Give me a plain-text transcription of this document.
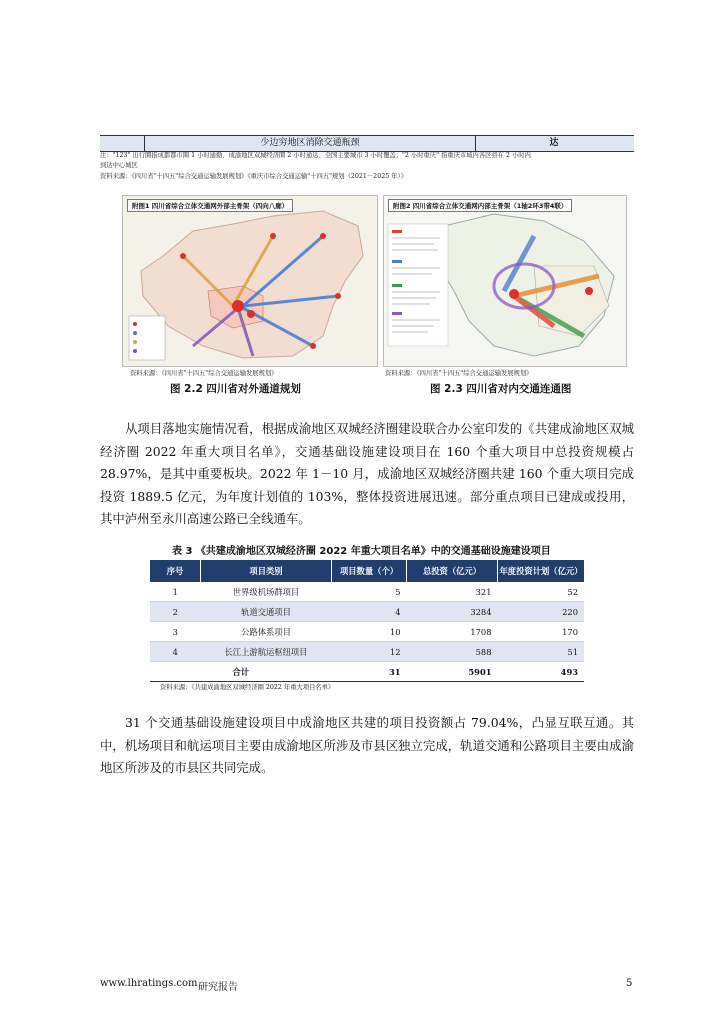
少边穷地区消除交通瓶颈	达
注："123" 出行圈指成都都市圈 1 小时通勤、成渝地区双城经济圈 2 小时通达、全国主要城市 3 小时覆盖；"2 小时重庆" 指重庆市域内各区县在 2 小时内
到达中心城区
资料来源：《四川省"十四五"综合交通运输发展规划》《重庆市综合交通运输"十四五"规划（2021－2025 年）》
附图1 四川省综合立体交通网外部主骨架（四向八廊）	附图2 四川省综合立体交通网内部主骨架（1轴2环3带4联）
资料来源：《四川省"十四五"综合交通运输发展规划》	资料来源：《四川省"十四五"综合交通运输发展规划》
图 2.2 四川省对外通道规划	图 2.3 四川省对内交通连通图
从项目落地实施情况看，根据成渝地区双城经济圈建设联合办公室印发的《共建成渝地区双城经济圈 2022 年重大项目名单》，交通基础设施建设项目在 160 个重大项目中总投资规模占 28.97%，是其中重要板块。2022 年 1－10 月，成渝地区双城经济圈共建 160 个重大项目完成投资 1889.5 亿元，为年度计划值的 103%，整体投资进展迅速。部分重点项目已建成或投用，其中泸州至永川高速公路已全线通车。
表 3 《共建成渝地区双城经济圈 2022 年重大项目名单》中的交通基础设施建设项目
序号	项目类别	项目数量（个）	总投资（亿元）	年度投资计划（亿元）
1	世界级机场群项目	5	321	52
2	轨道交通项目	4	3284	220
3	公路体系项目	10	1708	170
4	长江上游航运枢纽项目	12	588	51
合计		31	5901	493
资料来源：《共建成渝地区双城经济圈 2022 年重大项目名单》
31 个交通基础设施建设项目中成渝地区共建的项目投资额占 79.04%，凸显互联互通。其中，机场项目和航运项目主要由成渝地区所涉及市县区独立完成，轨道交通和公路项目主要由成渝地区所涉及的市县区共同完成。
www.lhratings.com 研究报告	5
